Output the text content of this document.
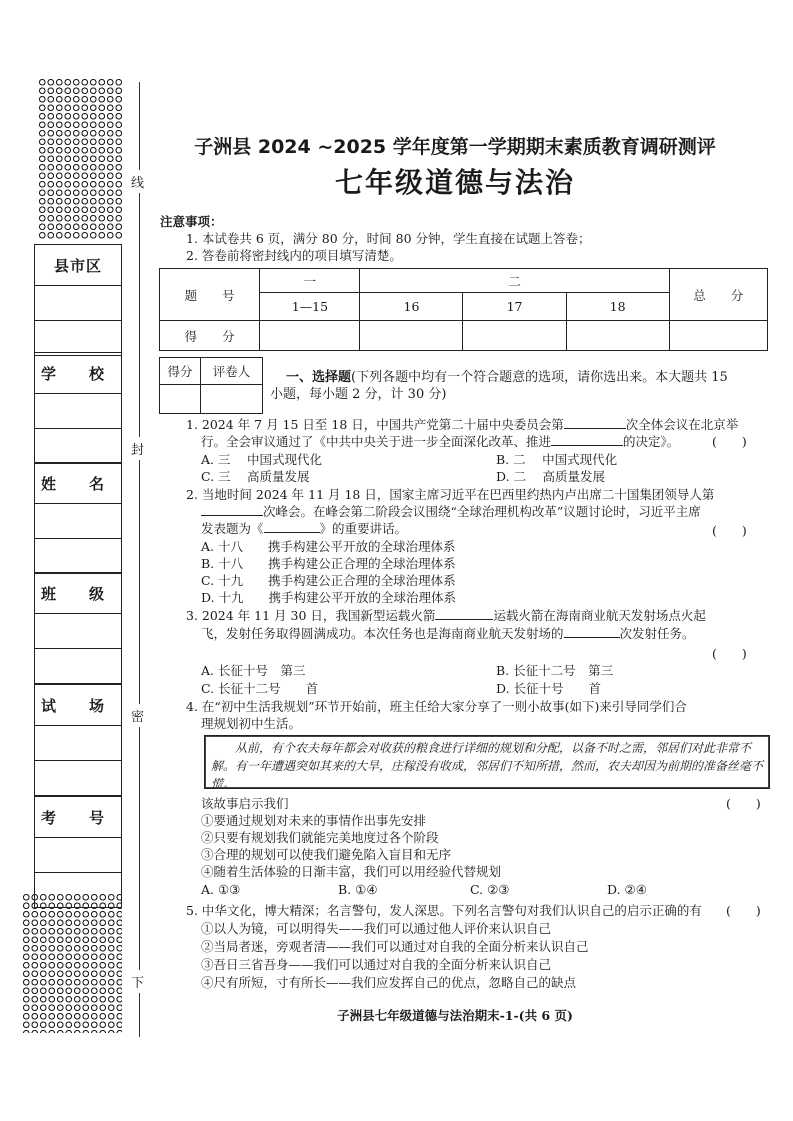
线
封
密
下
县市区
学 校
姓 名
班 级
试 场
考 号
子洲县 2024 ~2025 学年度第一学期期末素质教育调研测评
七年级道德与法治
注意事项：
1. 本试卷共 6 页，满分 80 分，时间 80 分钟，学生直接在试题上答卷；
2. 答卷前将密封线内的项目填写清楚。
题　　号	一	二			总　　分
	1—15	16	17	18	
得　　分					
得分	评卷人
		一、选择题(下列各题中均有一个符合题意的选项，请你选出来。本大题共 15
小题，每小题 2 分，计 30 分)
1. 2024 年 7 月 15 日至 18 日，中国共产党第二十届中央委员会第	次全体会议在北京举
行。全会审议通过了《中共中央关于进一步全面深化改革、推进	的决定》。	(　　)
A. 三　 中国式现代化	B. 二　 中国式现代化
C. 三　 高质量发展	D. 二　 高质量发展
2. 当地时间 2024 年 11 月 18 日，国家主席习近平在巴西里约热内卢出席二十国集团领导人第
次峰会。在峰会第二阶段会议围绕“全球治理机构改革”议题讨论时，习近平主席
发表题为《	》的重要讲话。	(　　)
A. 十八　　携手构建公平开放的全球治理体系
B. 十八　　携手构建公正合理的全球治理体系
C. 十九　　携手构建公正合理的全球治理体系
D. 十九　　携手构建公平开放的全球治理体系
3. 2024 年 11 月 30 日，我国新型运载火箭	运载火箭在海南商业航天发射场点火起
飞，发射任务取得圆满成功。本次任务也是海南商业航天发射场的	次发射任务。
(　　)
A. 长征十号　第三	B. 长征十二号　第三
C. 长征十二号　　首	D. 长征十号　　首
4. 在“初中生活我规划”环节开始前，班主任给大家分享了一则小故事(如下)来引导同学们合
理规划初中生活。
从前，有个农夫每年都会对收获的粮食进行详细的规划和分配，以备不时之需，邻居们对此非常不解。有一年遭遇突如其来的大旱，庄稼没有收成，邻居们不知所措，然而，农夫却因为前期的准备丝毫不慌。
该故事启示我们	(　　)
①要通过规划对未来的事情作出事先安排
②只要有规划我们就能完美地度过各个阶段
③合理的规划可以使我们避免陷入盲目和无序
④随着生活体验的日渐丰富，我们可以用经验代替规划
A. ①③	B. ①④	C. ②③	D. ②④
5. 中华文化，博大精深；名言警句，发人深思。下列名言警句对我们认识自己的启示正确的有 (　　)
①以人为镜，可以明得失——我们可以通过他人评价来认识自己
②当局者迷，旁观者清——我们可以通过对自我的全面分析来认识自己
③吾日三省吾身——我们可以通过对自我的全面分析来认识自己
④尺有所短，寸有所长——我们应发挥自己的优点，忽略自己的缺点
子洲县七年级道德与法治期末-1-(共 6 页)
